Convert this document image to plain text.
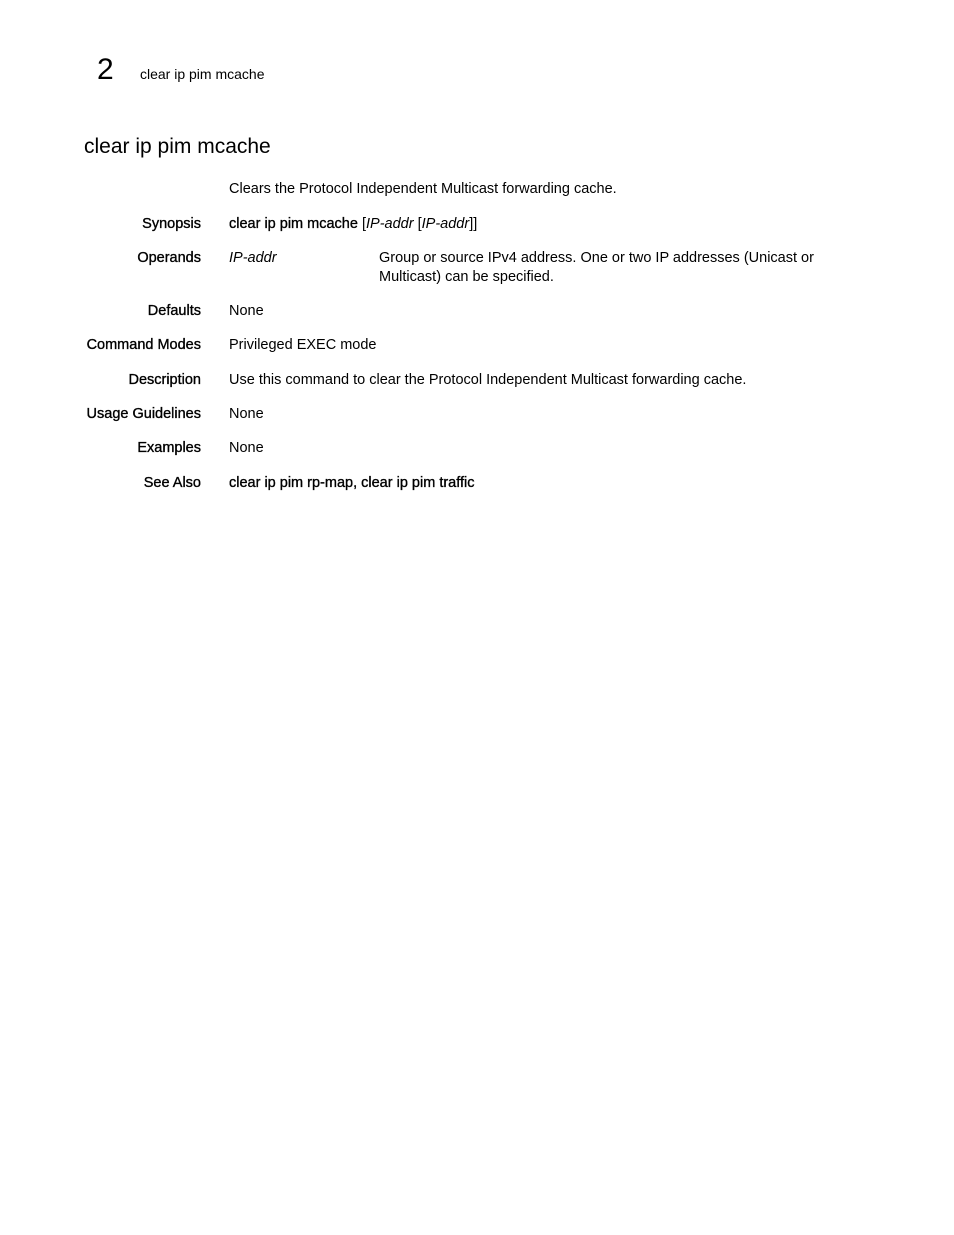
2 clear ip pim mcache
clear ip pim mcache
Clears the Protocol Independent Multicast forwarding cache.
Synopsis clear ip pim mcache [IP-addr [IP-addr]]
Operands IP-addr	Group or source IPv4 address. One or two IP addresses (Unicast or Multicast) can be specified.
Defaults None
Command Modes Privileged EXEC mode
Description Use this command to clear the Protocol Independent Multicast forwarding cache.
Usage Guidelines None
Examples None
See Also clear ip pim rp-map, clear ip pim traffic
